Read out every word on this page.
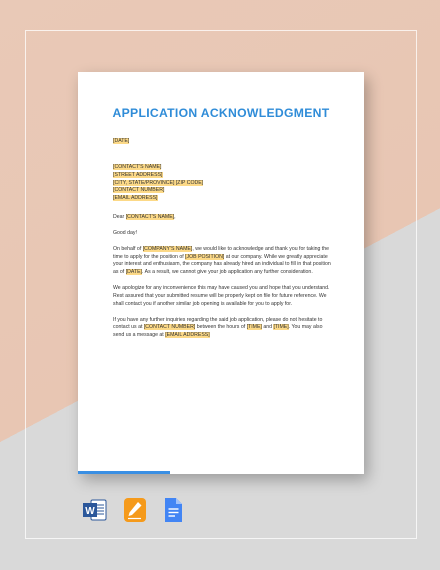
APPLICATION ACKNOWLEDGMENT

[DATE]

[CONTACT'S NAME]
[STREET ADDRESS]
[CITY, STATE/PROVINCE] [ZIP CODE]
[CONTACT NUMBER]
[EMAIL ADDRESS]

Dear [CONTACT'S NAME],

Good day!

On behalf of [COMPANY'S NAME], we would like to acknowledge and thank you for taking the time to apply for the position of [JOB POSITION] at our company. While we greatly appreciate your interest and enthusiasm, the company has already hired an individual to fill in that position as of [DATE]. As a result, we cannot give your job application any further consideration.

We apologize for any inconvenience this may have caused you and hope that you understand. Rest assured that your submitted resume will be properly kept on file for future reference. We shall contact you if another similar job opening is available for you to apply for.

If you have any further inquiries regarding the said job application, please do not hesitate to contact us at [CONTACT NUMBER] between the hours of [TIME] and [TIME]. You may also send us a message at [EMAIL ADDRESS]

W
